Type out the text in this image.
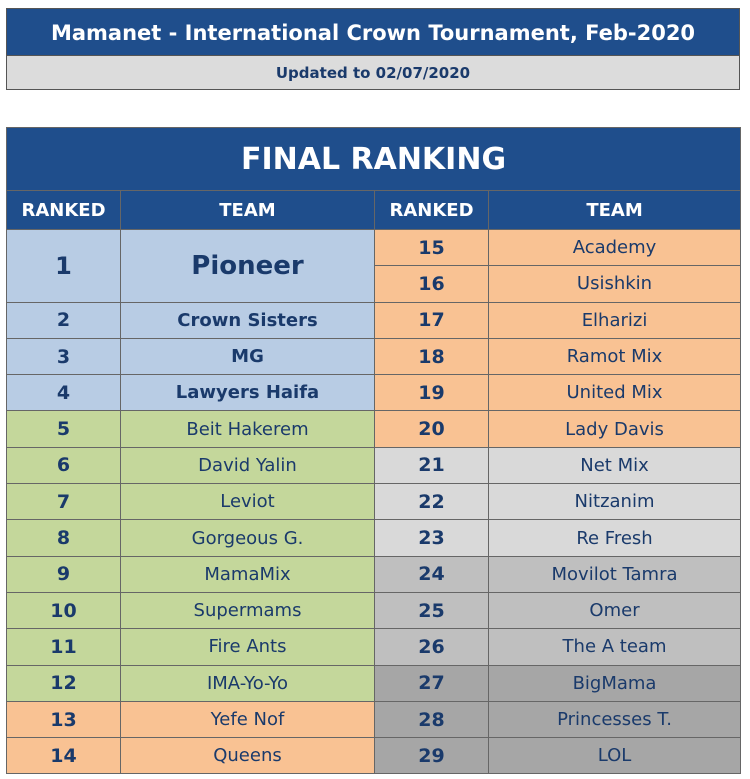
Mamanet - International Crown Tournament, Feb-2020
Updated to 02/07/2020
FINAL RANKING			
RANKED	TEAM	RANKED	TEAM
1	Pioneer	15	Academy
		16	Usishkin
2	Crown Sisters	17	Elharizi
3	MG	18	Ramot Mix
4	Lawyers Haifa	19	United Mix
5	Beit Hakerem	20	Lady Davis
6	David Yalin	21	Net Mix
7	Leviot	22	Nitzanim
8	Gorgeous G.	23	Re Fresh
9	MamaMix	24	Movilot Tamra
10	Supermams	25	Omer
11	Fire Ants	26	The A team
12	IMA-Yo-Yo	27	BigMama
13	Yefe Nof	28	Princesses T.
14	Queens	29	LOL
